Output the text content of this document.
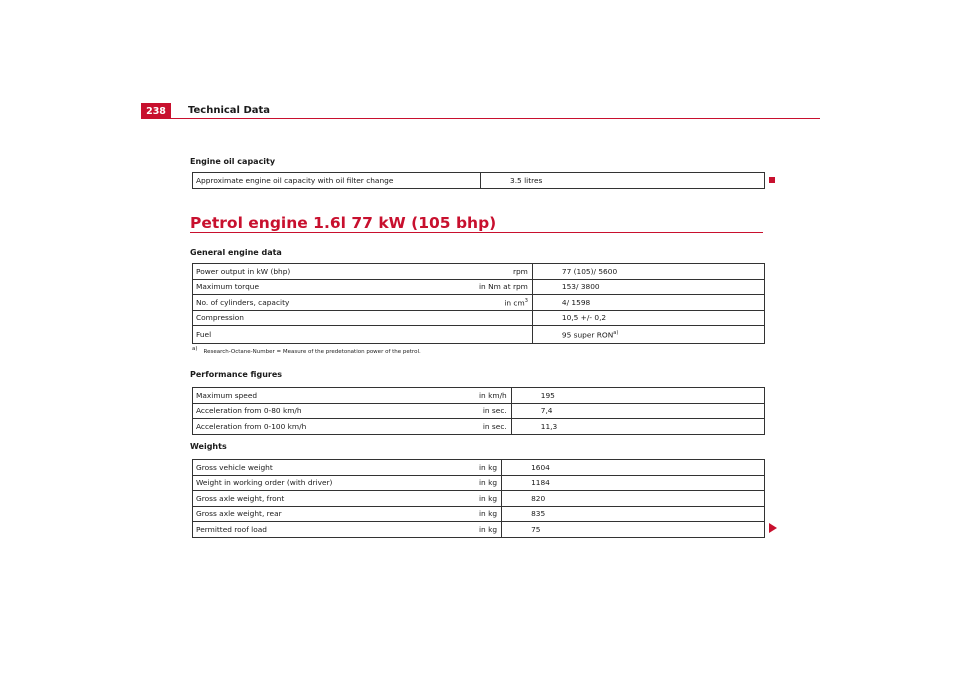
238	Technical Data
Engine oil capacity
Approximate engine oil capacity with oil filter change	3.5 litres
Petrol engine 1.6l 77 kW (105 bhp)
General engine data
Power output in kW (bhp)	rpm	77 (105)/ 5600
Maximum torque	in Nm at rpm	153/ 3800
No. of cylinders, capacity	in $cm^3$	4/ 1598
Compression		10,5 +/- 0,2
Fuel		95 super RON$^{a)}$
a) Research-Octane-Number = Measure of the predetonation power of the petrol.
Performance figures
Maximum speed	in km/h	195
Acceleration from 0-80 km/h	in sec.	7,4
Acceleration from 0-100 km/h	in sec.	11,3
Weights
Gross vehicle weight	in kg	1604
Weight in working order (with driver)	in kg	1184
Gross axle weight, front	in kg	820
Gross axle weight, rear	in kg	835
Permitted roof load	in kg	75
